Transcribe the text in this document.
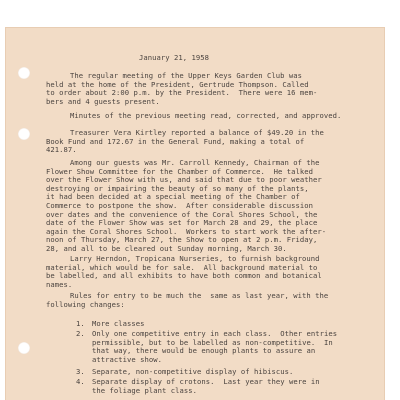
January 21, 1958

The regular meeting of the Upper Keys Garden Club was
held at the home of the President, Gertrude Thompson. Called
to order about 2:00 p.m. by the President.  There were 16 mem-
bers and 4 guests present.
Minutes of the previous meeting read, corrected, and approved.
Treasurer Vera Kirtley reported a balance of $49.20 in the
Book Fund and 172.67 in the General Fund, making a total of
421.87.
Among our guests was Mr. Carroll Kennedy, Chairman of the
Flower Show Committee for the Chamber of Commerce.  He talked
over the Flower Show with us, and said that due to poor weather
destroying or impairing the beauty of so many of the plants,
it had been decided at a special meeting of the Chamber of
Commerce to postpone the show.  After considerable discussion
over dates and the convenience of the Coral Shores School, the
date of the Flower Show was set for March 28 and 29, the place
again the Coral Shores School.  Workers to start work the after-
noon of Thursday, March 27, the Show to open at 2 p.m. Friday,
28, and all to be cleared out Sunday morning, March 30.
Larry Herndon, Tropicana Nurseries, to furnish background
material, which would be for sale.  All background material to
be labelled, and all exhibits to have both common and botanical
names.
Rules for entry to be much the  same as last year, with the
following changes:
1. More classes
2. Only one competitive entry in each class.  Other entries
permissible, but to be labelled as non-competitive.  In
that way, there would be enough plants to assure an
attractive show.
3. Separate, non-competitive display of hibiscus.
4. Separate display of crotons.  Last year they were in
the foliage plant class.
